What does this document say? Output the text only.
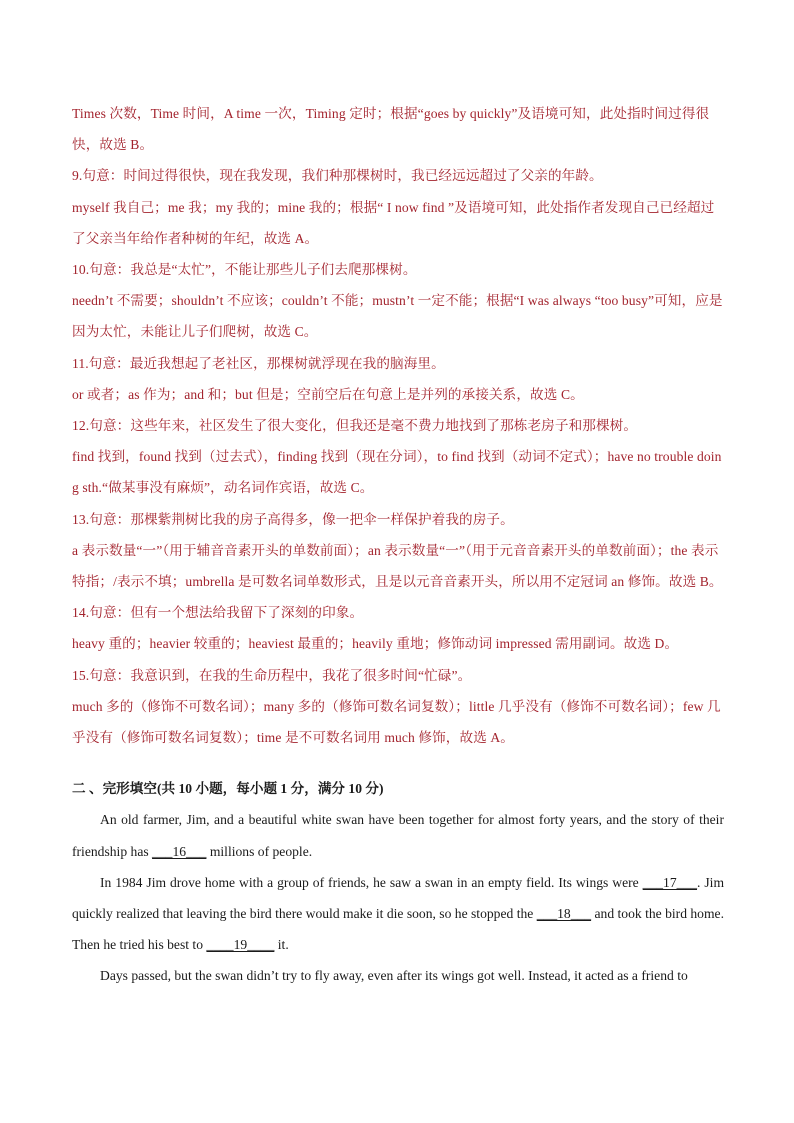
Times 次数，Time 时间，A time 一次，Timing 定时；根据“goes by quickly”及语境可知，此处指时间过得很快，故选 B。

9.句意：时间过得很快，现在我发现，我们种那棵树时，我已经远远超过了父亲的年龄。

myself 我自己；me 我；my 我的；mine 我的；根据“ I now find ”及语境可知，此处指作者发现自己已经超过了父亲当年给作者种树的年纪，故选 A。

10.句意：我总是“太忙”，不能让那些儿子们去爬那棵树。

needn’t 不需要；shouldn’t 不应该；couldn’t 不能；mustn’t 一定不能；根据“I was always “too busy”可知，应是因为太忙，未能让儿子们爬树，故选 C。

11.句意：最近我想起了老社区，那棵树就浮现在我的脑海里。

or 或者；as 作为；and 和；but 但是；空前空后在句意上是并列的承接关系，故选 C。

12.句意：这些年来，社区发生了很大变化，但我还是毫不费力地找到了那栋老房子和那棵树。

find 找到，found 找到（过去式），finding 找到（现在分词），to find 找到（动词不定式）；have no trouble doing sth.“做某事没有麻烦”，动名词作宾语，故选 C。

13.句意：那棵紫荆树比我的房子高得多，像一把伞一样保护着我的房子。

a 表示数量“一”（用于辅音音素开头的单数前面）；an 表示数量“一”（用于元音音素开头的单数前面）；the 表示特指；/表示不填；umbrella 是可数名词单数形式，且是以元音音素开头，所以用不定冠词 an 修饰。故选 B。

14.句意：但有一个想法给我留下了深刻的印象。

heavy 重的；heavier 较重的；heaviest 最重的；heavily 重地；修饰动词 impressed 需用副词。故选 D。

15.句意：我意识到，在我的生命历程中，我花了很多时间“忙碌”。

much 多的（修饰不可数名词）；many 多的（修饰可数名词复数）；little 几乎没有（修饰不可数名词）；few 几乎没有（修饰可数名词复数）；time 是不可数名词用 much 修饰，故选 A。

二 、完形填空(共 10 小题，每小题 1 分，满分 10 分)

An old farmer, Jim, and a beautiful white swan have been together for almost forty years, and the story of their friendship has ___16___ millions of people.

In 1984 Jim drove home with a group of friends, he saw a swan in an empty field. Its wings were ___17___. Jim quickly realized that leaving the bird there would make it die soon, so he stopped the ___18___ and took the bird home. Then he tried his best to ____19____ it.

Days passed, but the swan didn’t try to fly away, even after its wings got well. Instead, it acted as a friend to
